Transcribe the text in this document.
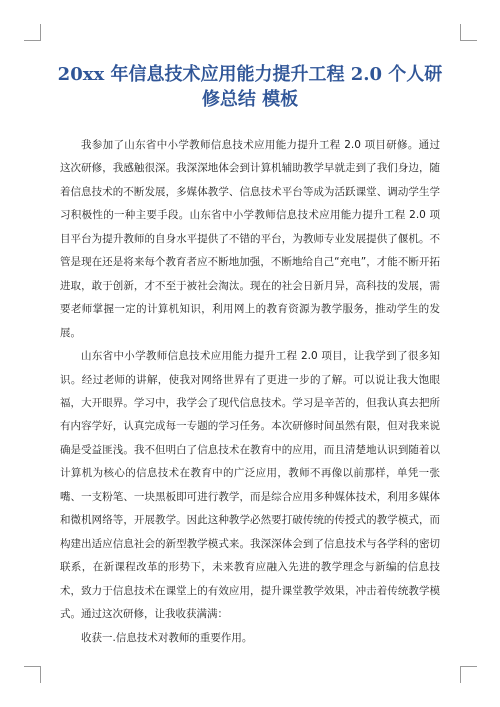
20xx 年信息技术应用能力提升工程 2.0 个人研修总结 模板

我参加了山东省中小学教师信息技术应用能力提升工程 2.0 项目研修。通过这次研修，我感触很深。我深深地体会到计算机辅助教学早就走到了我们身边，随着信息技术的不断发展，多媒体教学、信息技术平台等成为活跃课堂、调动学生学习积极性的一种主要手段。山东省中小学教师信息技术应用能力提升工程 2.0 项目平台为提升教师的自身水平提供了不错的平台，为教师专业发展提供了偃机。不管是现在还是将来每个教育者应不断地加强，不断地给自己“充电”，才能不断开拓进取，敢于创新，才不至于被社会淘汰。现在的社会日新月异，高科技的发展，需要老师掌握一定的计算机知识，利用网上的教育资源为教学服务，推动学生的发展。

山东省中小学教师信息技术应用能力提升工程 2.0 项目，让我学到了很多知识。经过老师的讲解，使我对网络世界有了更进一步的了解。可以说让我大饱眼福，大开眼界。学习中，我学会了现代信息技术。学习是辛苦的，但我认真去把所有内容学好，认真完成每一专题的学习任务。本次研修时间虽然有限，但对我来说确是受益匪浅。我不但明白了信息技术在教育中的应用，而且清楚地认识到随着以计算机为核心的信息技术在教育中的广泛应用，教师不再像以前那样，单凭一张嘴、一支粉笔、一块黑板即可进行教学，而是综合应用多种媒体技术，利用多媒体和微机网络等，开展教学。因此这种教学必然要打破传统的传授式的教学模式，而构建出适应信息社会的新型教学模式来。我深深体会到了信息技术与各学科的密切联系，在新课程改革的形势下，未来教育应融入先进的教学理念与新编的信息技术，致力于信息技术在课堂上的有效应用，提升课堂教学效果，冲击着传统教学模式。通过这次研修，让我收获满满：

收获一.信息技术对教师的重要作用。
